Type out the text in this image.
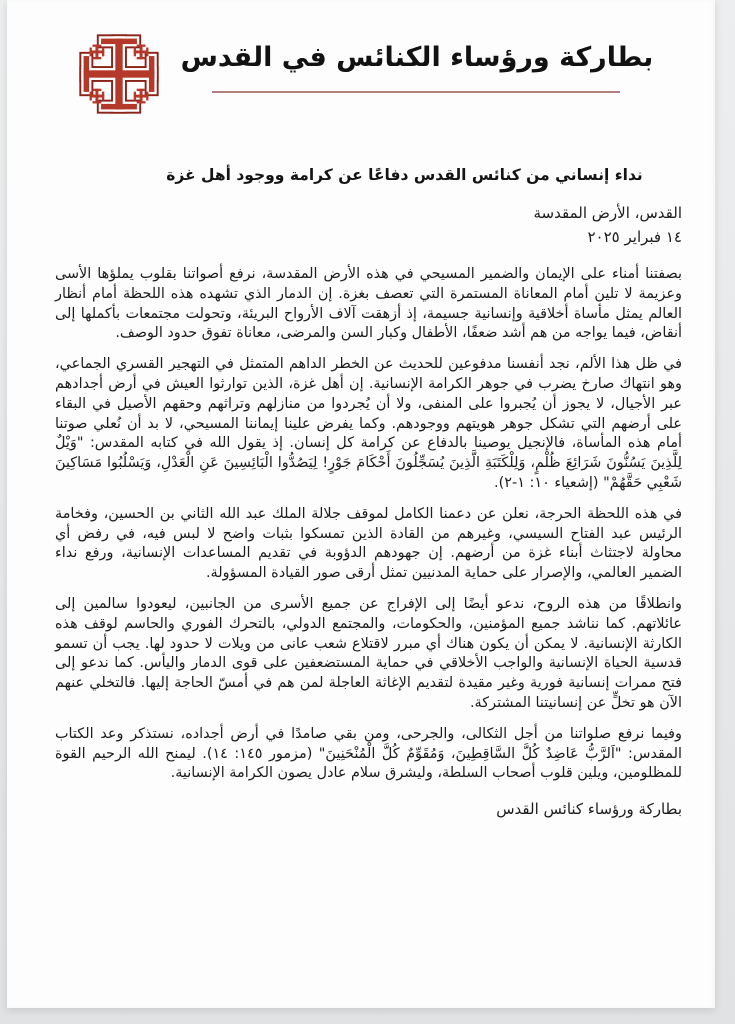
بطاركة ورؤساء الكنائس في القدس
نداء إنساني من كنائس القدس دفاعًا عن كرامة ووجود أهل غزة
القدس، الأرض المقدسة
١٤ فبراير ٢٠٢٥

بصفتنا أمناء على الإيمان والضمير المسيحي في هذه الأرض المقدسة، نرفع أصواتنا بقلوب يملؤها الأسى وعزيمة لا تلين أمام المعاناة المستمرة التي تعصف بغزة. إن الدمار الذي تشهده هذه اللحظة أمام أنظار العالم يمثل مأساة أخلاقية وإنسانية جسيمة، إذ أزهقت آلاف الأرواح البريئة، وتحولت مجتمعات بأكملها إلى أنقاض، فيما يواجه من هم أشد ضعفًا، الأطفال وكبار السن والمرضى، معاناة تفوق حدود الوصف.

في ظل هذا الألم، نجد أنفسنا مدفوعين للحديث عن الخطر الداهم المتمثل في التهجير القسري الجماعي، وهو انتهاك صارخ يضرب في جوهر الكرامة الإنسانية. إن أهل غزة، الذين توارثوا العيش في أرض أجدادهم عبر الأجيال، لا يجوز أن يُجبروا على المنفى، ولا أن يُجردوا من منازلهم وتراثهم وحقهم الأصيل في البقاء على أرضهم التي تشكل جوهر هويتهم ووجودهم. وكما يفرض علينا إيماننا المسيحي، لا بد أن نُعلي صوتنا أمام هذه المأساة، فالإنجيل يوصينا بالدفاع عن كرامة كل إنسان. إذ يقول الله في كتابه المقدس: "وَيْلٌ لِلَّذِينَ يَسُنُّونَ شَرَائِعَ ظُلْمٍ، وَلِلْكَتَبَةِ الَّذِينَ يُسَجِّلُونَ أَحْكَامَ جَوْرٍ! لِيَصُدُّوا الْبَائِسِينَ عَنِ الْعَدْلِ، وَيَسْلُبُوا مَسَاكِينَ شَعْبِي حَقَّهُمْ" (إشعياء ١٠: ١-٢).

في هذه اللحظة الحرجة، نعلن عن دعمنا الكامل لموقف جلالة الملك عبد الله الثاني بن الحسين، وفخامة الرئيس عبد الفتاح السيسي، وغيرهم من القادة الذين تمسكوا بثبات واضح لا لبس فيه، في رفض أي محاولة لاجتثاث أبناء غزة من أرضهم. إن جهودهم الدؤوبة في تقديم المساعدات الإنسانية، ورفع نداء الضمير العالمي، والإصرار على حماية المدنيين تمثل أرقى صور القيادة المسؤولة.

وانطلاقًا من هذه الروح، ندعو أيضًا إلى الإفراج عن جميع الأسرى من الجانبين، ليعودوا سالمين إلى عائلاتهم. كما نناشد جميع المؤمنين، والحكومات، والمجتمع الدولي، بالتحرك الفوري والحاسم لوقف هذه الكارثة الإنسانية. لا يمكن أن يكون هناك أي مبرر لاقتلاع شعب عانى من ويلات لا حدود لها. يجب أن تسمو قدسية الحياة الإنسانية والواجب الأخلاقي في حماية المستضعفين على قوى الدمار واليأس. كما ندعو إلى فتح ممرات إنسانية فورية وغير مقيدة لتقديم الإغاثة العاجلة لمن هم في أمسّ الحاجة إليها. فالتخلي عنهم الآن هو تخلٍّ عن إنسانيتنا المشتركة.

وفيما نرفع صلواتنا من أجل الثكالى، والجرحى، ومن بقي صامدًا في أرض أجداده، نستذكر وعد الكتاب المقدس: "اَلرَّبُّ عَاضِدٌ كُلَّ السَّاقِطِينَ، وَمُقَوِّمٌ كُلَّ الْمُنْحَنِينَ" (مزمور ١٤٥: ١٤). ليمنح الله الرحيم القوة للمظلومين، ويلين قلوب أصحاب السلطة، وليشرق سلام عادل يصون الكرامة الإنسانية.

بطاركة ورؤساء كنائس القدس
